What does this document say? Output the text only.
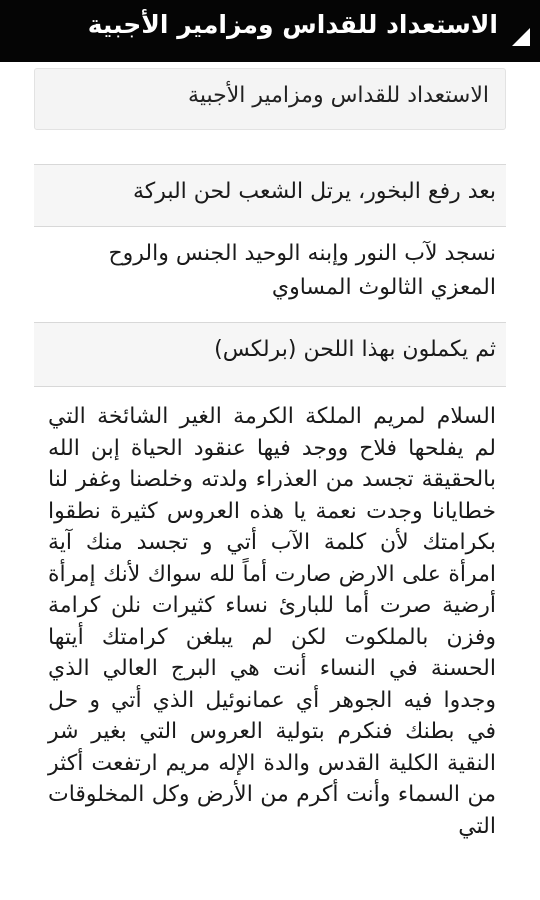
الاستعداد للقداس ومزامير الأجبية
الاستعداد للقداس ومزامير الأجبية
بعد رفع البخور، يرتل الشعب لحن البركة
نسجد لآب النور وإبنه الوحيد الجنس والروح المعزي الثالوث المساوي
ثم يكملون بهذا اللحن (برلكس)
السلام لمريم الملكة الكرمة الغير الشائخة التي لم يفلحها فلاح ووجد فيها عنقود الحياة إبن الله بالحقيقة تجسد من العذراء ولدته وخلصنا وغفر لنا خطايانا وجدت نعمة يا هذه العروس كثيرة نطقوا بكرامتك لأن كلمة الآب أتي و تجسد منك آية امرأة على الارض صارت أماً لله سواك لأنك إمرأة أرضية صرت أما للبارئ نساء كثيرات نلن كرامة وفزن بالملكوت لكن لم يبلغن كرامتك أيتها الحسنة في النساء أنت هي البرج العالي الذي وجدوا فيه الجوهر أي عمانوئيل الذي أتي و حل في بطنك فنكرم بتولية العروس التي بغير شر النقية الكلية القدس والدة الإله مريم ارتفعت أكثر من السماء وأنت أكرم من الأرض وكل المخلوقات التي
